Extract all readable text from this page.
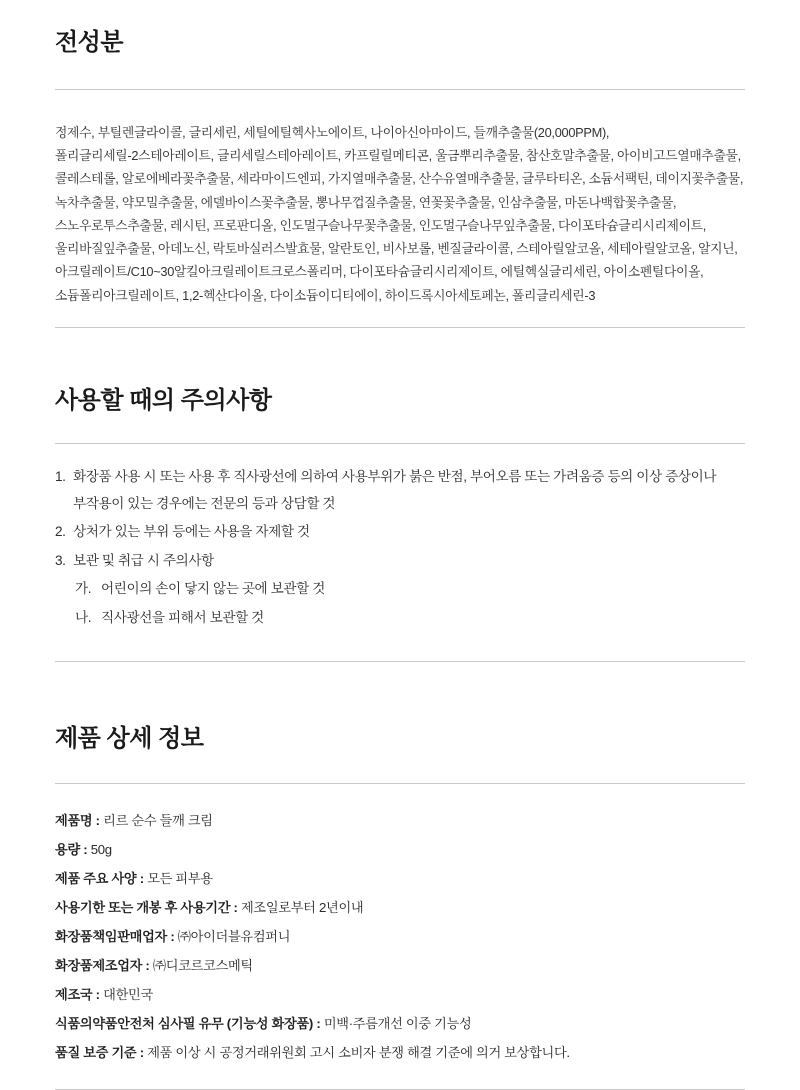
전성분

정제수, 부틸렌글라이콜, 글리세린, 세틸에틸헥사노에이트, 나이아신아마이드, 들깨추출물(20,000PPM), 폴리글리세릴-2스테아레이트, 글리세릴스테아레이트, 카프릴릴메티콘, 울금뿌리추출물, 참산호말추출물, 아이비고드열매추출물, 콜레스테롤, 알로에베라꽃추출물, 세라마이드엔피, 가지열매추출물, 산수유열매추출물, 글루타티온, 소듐서팩틴, 데이지꽃추출물, 녹차추출물, 약모밀추출물, 에델바이스꽃추출물, 뽕나무껍질추출물, 연꽃꽃추출물, 인삼추출물, 마돈나백합꽃추출물, 스노우로투스추출물, 레시틴, 프로판디올, 인도멀구슬나무꽃추출물, 인도멀구슬나무잎추출물, 다이포타슘글리시리제이트, 울리바질잎추출물, 아데노신, 락토바실러스발효물, 알란토인, 비사보롤, 벤질글라이콜, 스테아릴알코올, 세테아릴알코올, 알지닌, 아크릴레이트/C10~30알킬아크릴레이트크로스폴리머, 다이포타슘글리시리제이트, 에틸헥실글리세린, 아이소펜틸다이올, 소듐폴리아크릴레이트, 1,2-헥산다이올, 다이소듐이디티에이, 하이드록시아세토페논, 폴리글리세린-3

사용할 때의 주의사항
1. 화장품 사용 시 또는 사용 후 직사광선에 의하여 사용부위가 붉은 반점, 부어오름 또는 가려움증 등의 이상 증상이나 부작용이 있는 경우에는 전문의 등과 상담할 것
2. 상처가 있는 부위 등에는 사용을 자제할 것
3. 보관 및 취급 시 주의사항
가. 어린이의 손이 닿지 않는 곳에 보관할 것
나. 직사광선을 피해서 보관할 것
제품 상세 정보
제품명 : 리르 순수 들깨 크림
용량 : 50g
제품 주요 사양 : 모든 피부용
사용기한 또는 개봉 후 사용기간 : 제조일로부터 2년이내
화장품책임판매업자 : ㈜아이더블유컴퍼니
화장품제조업자 : ㈜디코르코스메틱
제조국 : 대한민국
식품의약품안전처 심사필 유무 (기능성 화장품) : 미백·주름개선 이중 기능성
품질 보증 기준 : 제품 이상 시 공정거래위원회 고시 소비자 분쟁 해결 기준에 의거 보상합니다.
